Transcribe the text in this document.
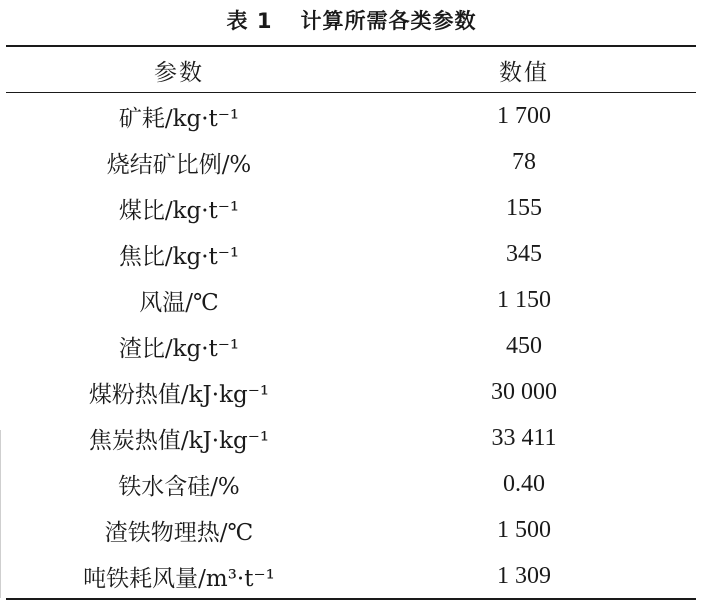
表 1 计算所需各类参数
参数	数值
矿耗/kg·t⁻¹	1 700
烧结矿比例/%	78
煤比/kg·t⁻¹	155
焦比/kg·t⁻¹	345
风温/℃	1 150
渣比/kg·t⁻¹	450
煤粉热值/kJ·kg⁻¹	30 000
焦炭热值/kJ·kg⁻¹	33 411
铁水含硅/%	0.40
渣铁物理热/℃	1 500
吨铁耗风量/m³·t⁻¹	1 309
